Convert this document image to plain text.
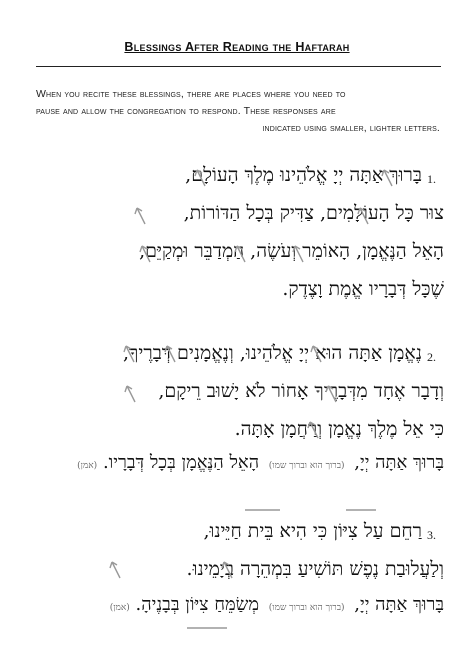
Blessings After Reading the Haftarah
When you recite these blessings, there are places where you need to
pause and allow the congregation to respond. These responses are
indicated using smaller, lighter letters.
1.
בָּרוּךְ אַתָּה יְיָ אֱלֹהֵינוּ מֶלֶךְ הָעוֹלָם,
צוּר כָּל הָעוֹלָמִים, צַדִּיק בְּכָל הַדּוֹרוֹת,
הָאֵל הַנֶּאֱמָן, הָאוֹמֵר וְעֹשֶׂה, הַמְדַבֵּר וּמְקַיֵּם,
שֶׁכָּל דְּבָרָיו אֱמֶת וָצֶדֶק.
2.
נֶאֱמָן אַתָּה הוּא יְיָ אֱלֹהֵינוּ, וְנֶאֱמָנִים דְּבָרֶיךָ,
וְדָבָר אֶחָד מִדְּבָרֶיךָ אָחוֹר לֹא יָשׁוּב רֵיקָם,
כִּי אֵל מֶלֶךְ נֶאֱמָן וְרַחֲמָן אָתָּה.
בָּרוּךְ אַתָּה יְיָ, (ברוך הוא וברוך שמו) הָאֵל הַנֶּאֱמָן בְּכָל דְּבָרָיו. (אמן)
3.
רַחֵם עַל צִיּוֹן כִּי הִיא בֵּית חַיֵּינוּ,
וְלַעֲלוּבַת נֶפֶשׁ תּוֹשִׁיעַ בִּמְהֵרָה בְיָמֵינוּ.
בָּרוּךְ אַתָּה יְיָ, (ברוך הוא וברוך שמו) מְשַׂמֵּחַ צִיּוֹן בְּבָנֶיהָ. (אמן)
